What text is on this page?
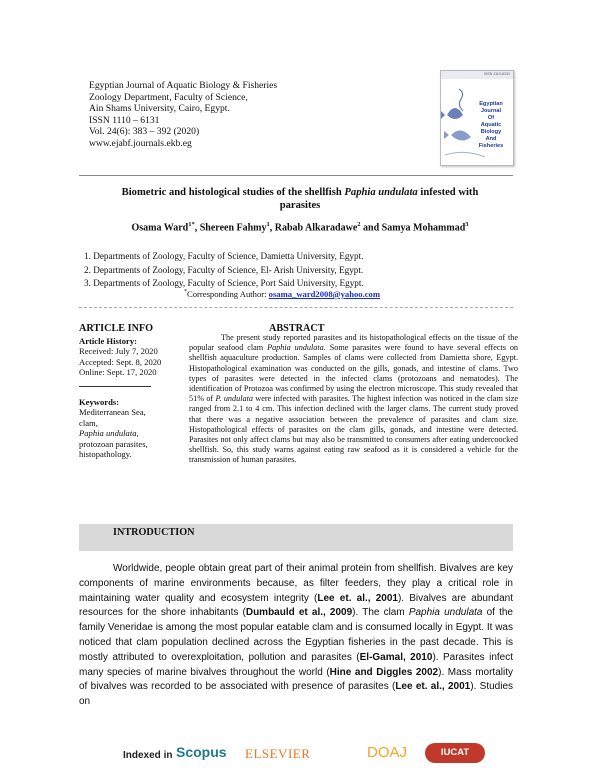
Egyptian Journal of Aquatic Biology & Fisheries
Zoology Department, Faculty of Science,
Ain Shams University, Cairo, Egypt.
ISSN 1110 – 6131
Vol. 24(6): 383 – 392 (2020)
www.ejabf.journals.ekb.eg
ISSN 1110-6131
Egyptian Journal
Of
Aquatic Biology
And
Fisheries
Biometric and histological studies of the shellfish Paphia undulata infested with
parasites
Osama Ward$^{1*}$, Shereen Fahmy$^1$, Rabab Alkaradawe$^2$ and Samya Mohammad$^3$
1. Departments of Zoology, Faculty of Science, Damietta University, Egypt.
2. Departments of Zoology, Faculty of Science, El- Arish University, Egypt.
3. Departments of Zoology, Faculty of Science, Port Said University, Egypt.
*Corresponding Author: osama_ward2008@yahoo.com
ARTICLE INFO
Article History:
Received: July 7, 2020
Accepted: Sept. 8, 2020
Online: Sept. 17, 2020
Keywords:
Mediterranean Sea,
clam,
Paphia undulata,
protozoan parasites,
histopathology.
ABSTRACT
The present study reported parasites and its histopathological effects on the tissue of the popular seafood clam Paphia undulata. Some parasites were found to have several effects on shellfish aquaculture production. Samples of clams were collected from Damietta shore, Egypt. Histopathological examination was conducted on the gills, gonads, and intestine of clams. Two types of parasites were detected in the infected clams (protozoans and nematodes). The identification of Protozoa was confirmed by using the electron microscope. This study revealed that 51% of P. undulata were infected with parasites. The highest infection was noticed in the clam size ranged from 2.1 to 4 cm. This infection declined with the larger clams. The current study proved that there was a negative association between the prevalence of parasites and clam size. Histopathological effects of parasites on the clam gills, gonads, and intestine were detected. Parasites not only affect clams but may also be transmitted to consumers after eating undercoocked shellfish. So, this study warns against eating raw seafood as it is considered a vehicle for the transmission of human parasites.
INTRODUCTION

Worldwide, people obtain great part of their animal protein from shellfish. Bivalves are key components of marine environments because, as filter feeders, they play a critical role in maintaining water quality and ecosystem integrity (Lee et. al., 2001). Bivalves are abundant resources for the shore inhabitants (Dumbauld et al., 2009). The clam Paphia undulata of the family Veneridae is among the most popular eatable clam and is consumed locally in Egypt. It was noticed that clam population declined across the Egyptian fisheries in the past decade. This is mostly attributed to overexploitation, pollution and parasites (El-Gamal, 2010). Parasites infect many species of marine bivalves throughout the world (Hine and Diggles 2002). Mass mortality of bivalves was recorded to be associated with presence of parasites (Lee et. al., 2001). Studies on

Indexed in Scopus ELSEVIER	DOAJ	IUCAT
